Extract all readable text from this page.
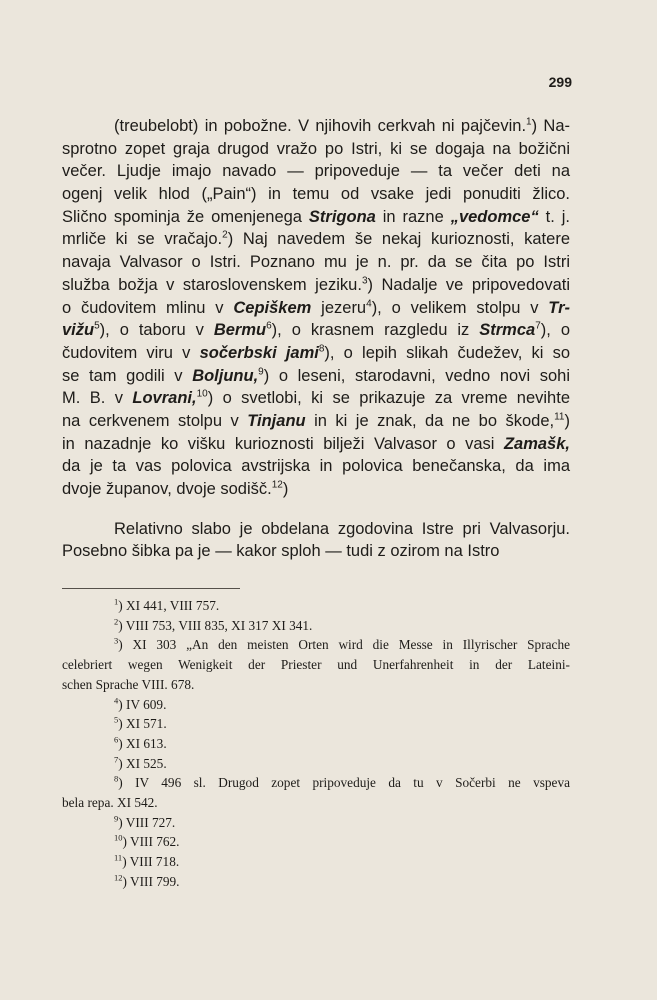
299
(treubelobt) in pobožne. V njihovih cerkvah ni pajčevin.$^1$) Na-
sprotno zopet graja drugod vražo po Istri, ki se dogaja na božični
večer. Ljudje imajo navado — pripoveduje — ta večer deti na
ogenj velik hlod („Pain“) in temu od vsake jedi ponuditi žlico.
Slično spominja že omenjenega Strigona in razne „vedomce“ t. j.
mrliče ki se vračajo.$^2$) Naj navedem še nekaj kurioznosti, katere
navaja Valvasor o Istri. Poznano mu je n. pr. da se čita po Istri
služba božja v staroslovenskem jeziku.$^3$) Nadalje ve pripovedovati
o čudovitem mlinu v Cepiškem jezeru$^4$), o velikem stolpu v Tr-
vižu$^5$), o taboru v Bermu$^6$), o krasnem razgledu iz Strmca$^7$), o
čudovitem viru v sočerbski jami$^8$), o lepih slikah čudežev, ki so
se tam godili v Boljunu,$^9$) o leseni, starodavni, vedno novi sohi
M. B. v Lovrani,$^{10}$) o svetlobi, ki se prikazuje za vreme nevihte
na cerkvenem stolpu v Tinjanu in ki je znak, da ne bo škode,$^{11}$)
in nazadnje ko višku kurioznosti bilježi Valvasor o vasi Zamašk,
da je ta vas polovica avstrijska in polovica benečanska, da ima
dvoje županov, dvoje sodišč.$^{12}$)
Relativno slabo je obdelana zgodovina Istre pri Valvasorju.
Posebno šibka pa je — kakor sploh — tudi z ozirom na Istro
$^1$) XI 441, VIII 757.
$^2$) VIII 753, VIII 835, XI 317 XI 341.
$^3$) XI 303 „An den meisten Orten wird die Messe in Illyrischer Sprache
celebriert wegen Wenigkeit der Priester und Unerfahrenheit in der Lateini-
schen Sprache VIII. 678.
$^4$) IV 609.
$^5$) XI 571.
$^6$) XI 613.
$^7$) XI 525.
$^8$) IV 496 sl. Drugod zopet pripoveduje da tu v Sočerbi ne vspeva
bela repa. XI 542.
$^9$) VIII 727.
$^{10}$) VIII 762.
$^{11}$) VIII 718.
$^{12}$) VIII 799.
